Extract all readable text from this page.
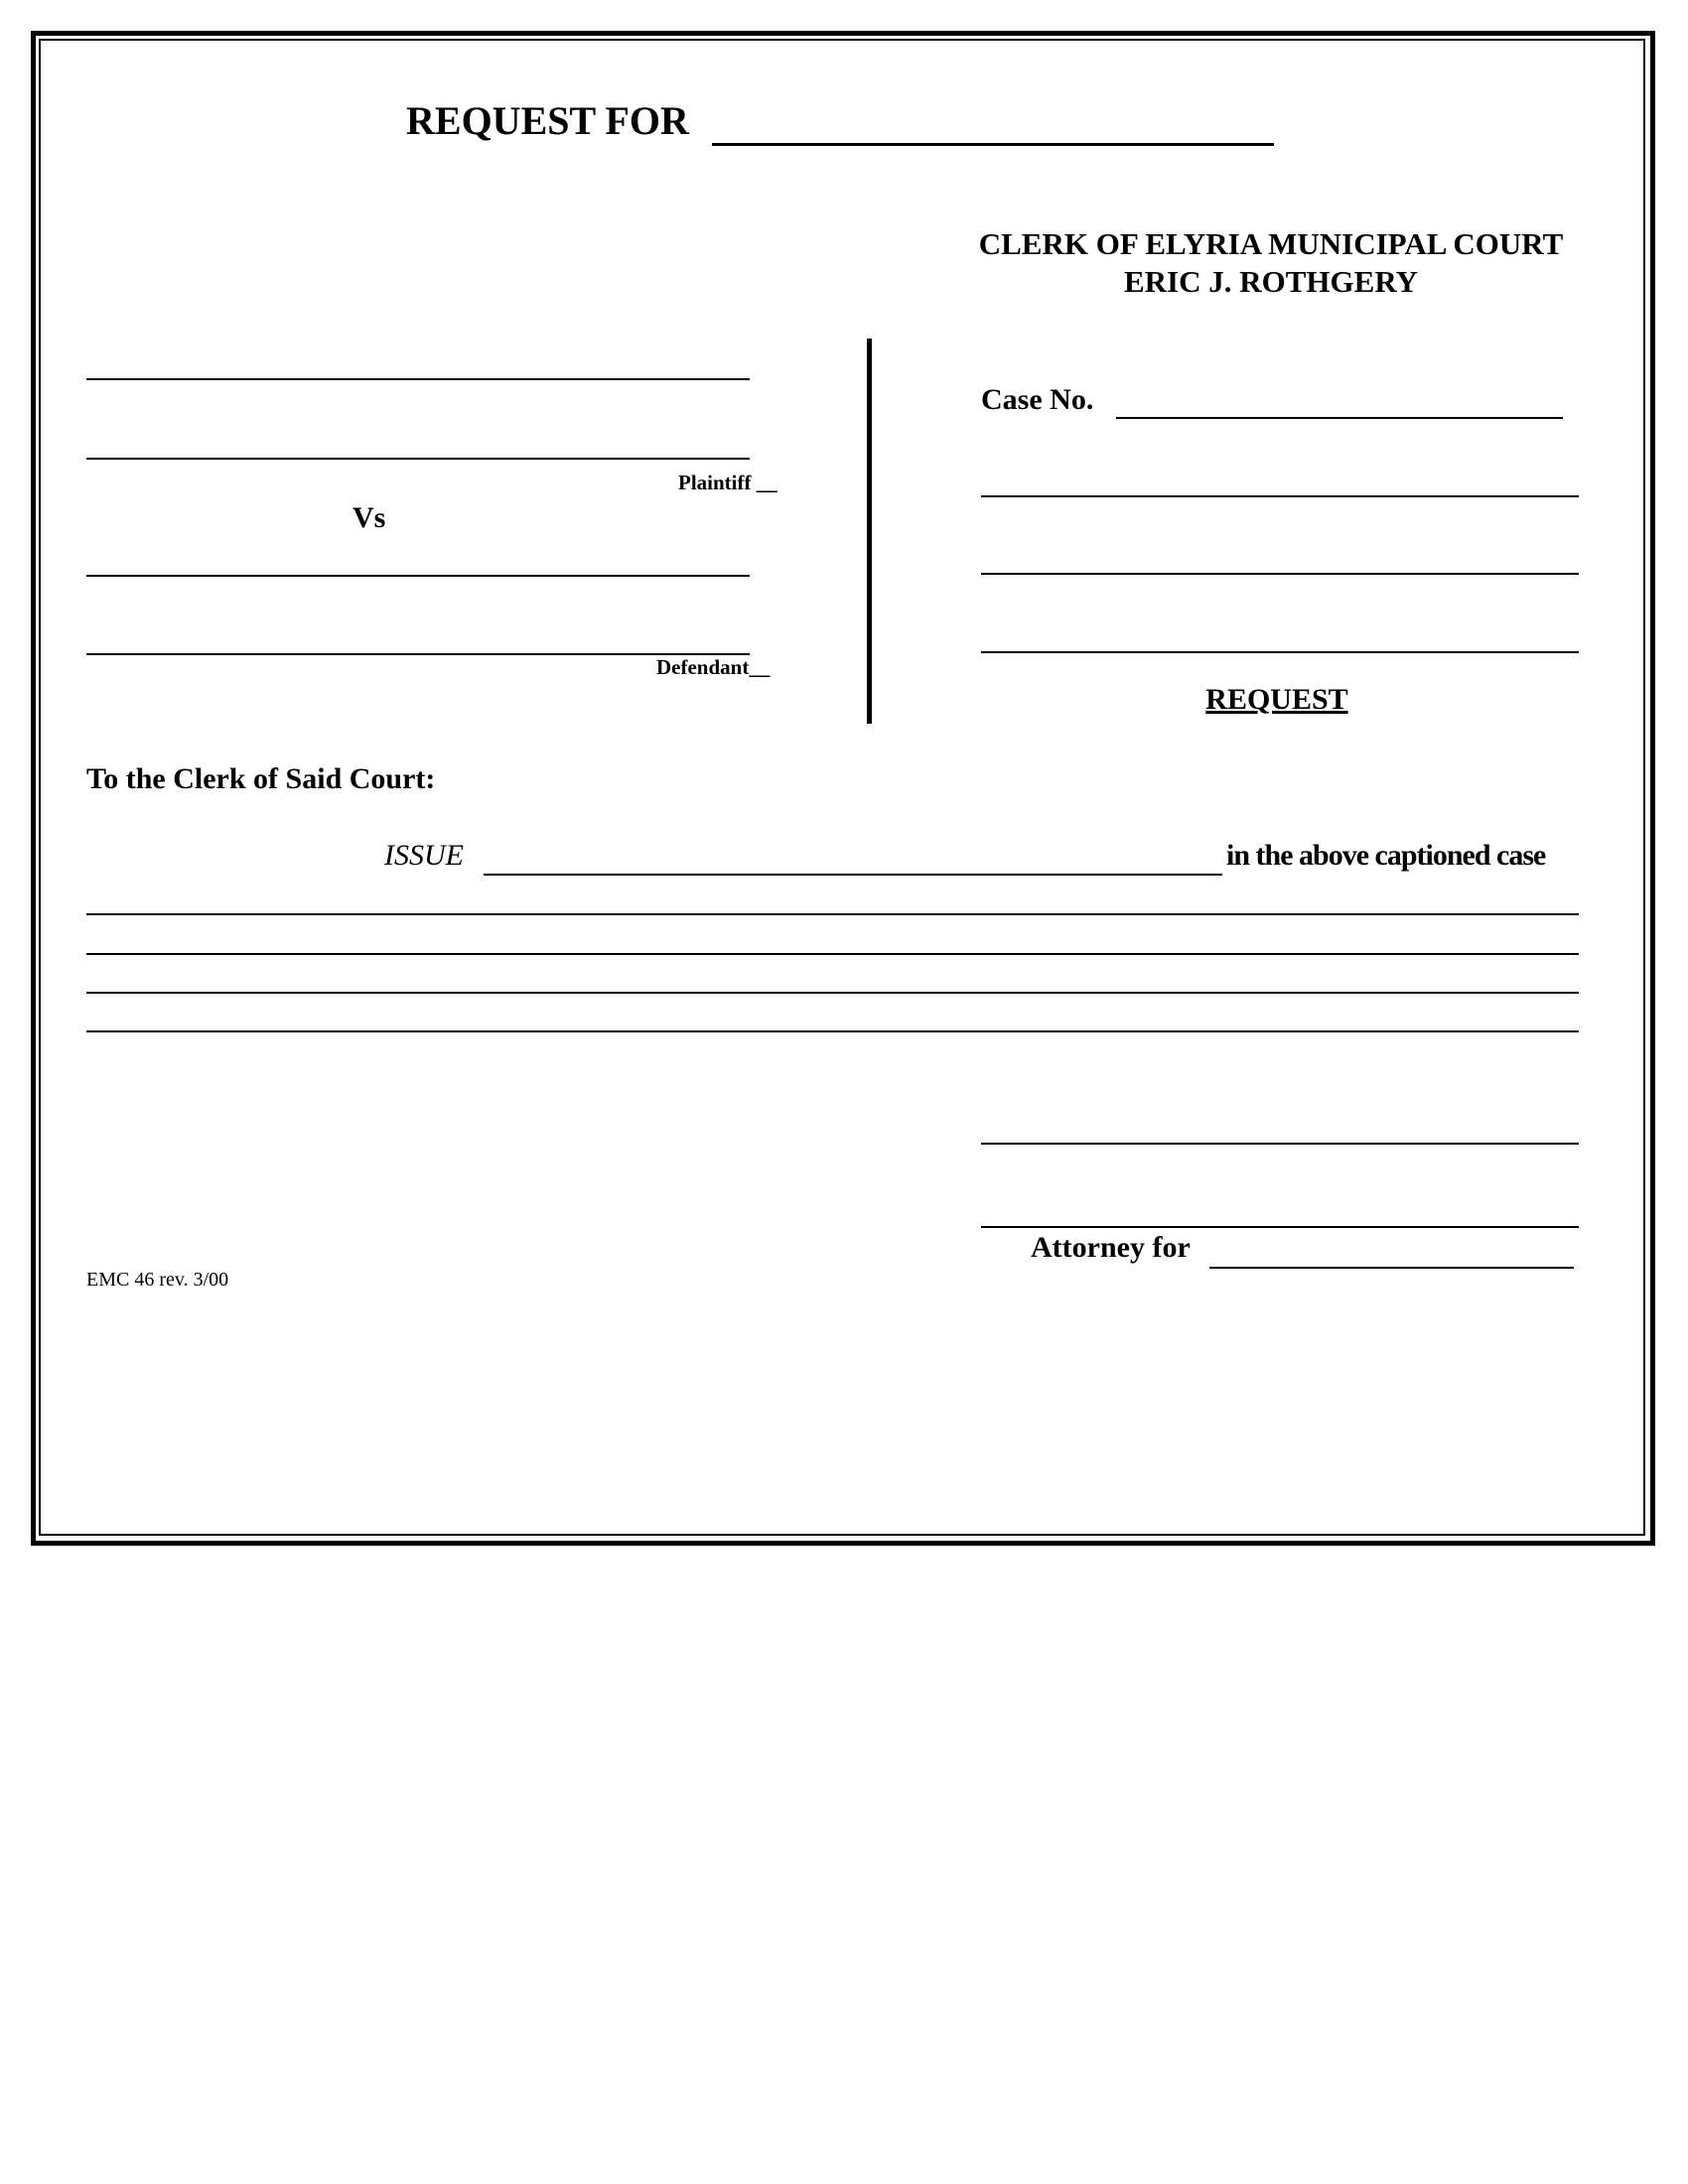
REQUEST FOR
CLERK OF ELYRIA MUNICIPAL COURT
ERIC J. ROTHGERY
Plaintiff __
Vs
Defendant__
Case No.
REQUEST
To the Clerk of Said Court:
ISSUE	in the above captioned case
Attorney for
EMC 46 rev. 3/00
